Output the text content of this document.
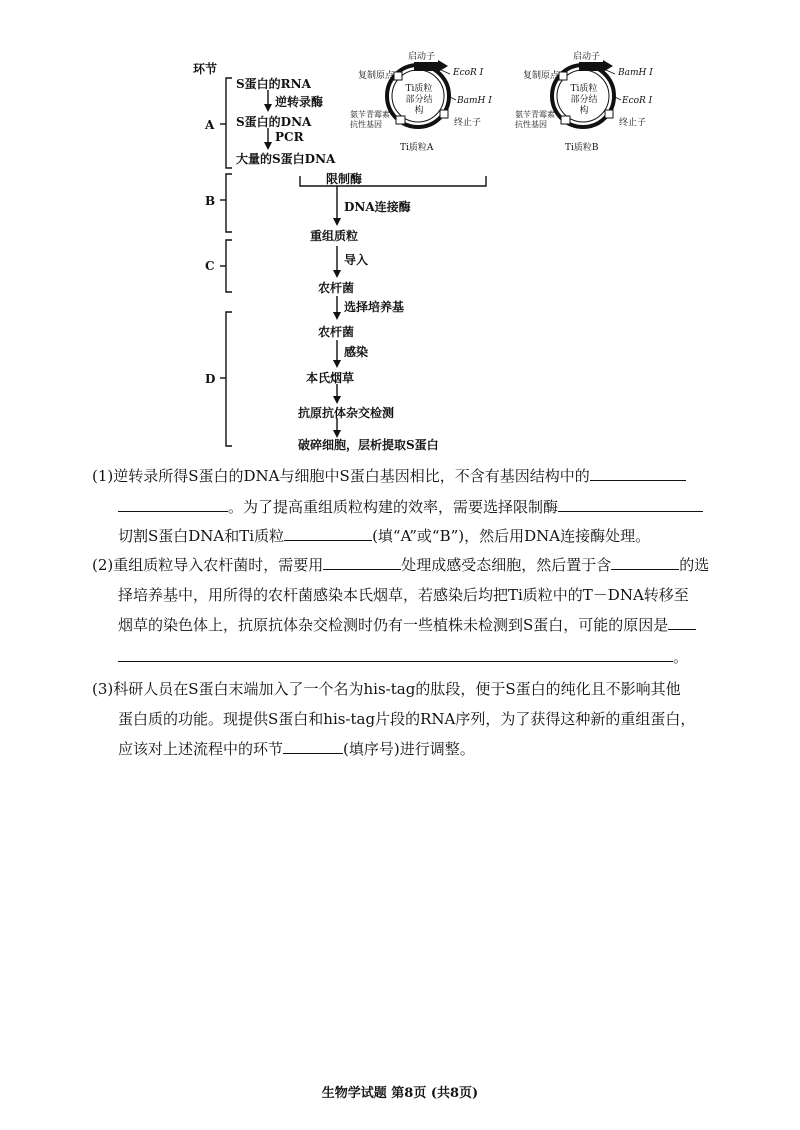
环节
A
B
C
D
S蛋白的RNA
逆转录酶
S蛋白的DNA
PCR
大量的S蛋白DNA
限制酶
DNA连接酶
重组质粒
导入
农杆菌
选择培养基
农杆菌
感染
本氏烟草
抗原抗体杂交检测
破碎细胞，层析提取S蛋白
启动子
复制原点	EcoR I
BamH I
Ti质粒部分结构
氨苄青霉素抗性基因	终止子
Ti质粒A
启动子
复制原点	BamH I
EcoR I
Ti质粒部分结构
氨苄青霉素抗性基因	终止子
Ti质粒B
(1)逆转录所得S蛋白的DNA与细胞中S蛋白基因相比，不含有基因结构中的
。为了提高重组质粒构建的效率，需要选择限制酶
切割S蛋白DNA和Ti质粒	(填“A”或“B”)，然后用DNA连接酶处理。
(2)重组质粒导入农杆菌时，需要用	处理成感受态细胞，然后置于含	的选
择培养基中，用所得的农杆菌感染本氏烟草，若感染后均把Ti质粒中的T－DNA转移至
烟草的染色体上，抗原抗体杂交检测时仍有一些植株未检测到S蛋白，可能的原因是
。
(3)科研人员在S蛋白末端加入了一个名为his-tag的肽段，便于S蛋白的纯化且不影响其他
蛋白质的功能。现提供S蛋白和his-tag片段的RNA序列，为了获得这种新的重组蛋白，
应该对上述流程中的环节	(填序号)进行调整。
生物学试题 第8页 (共8页)
